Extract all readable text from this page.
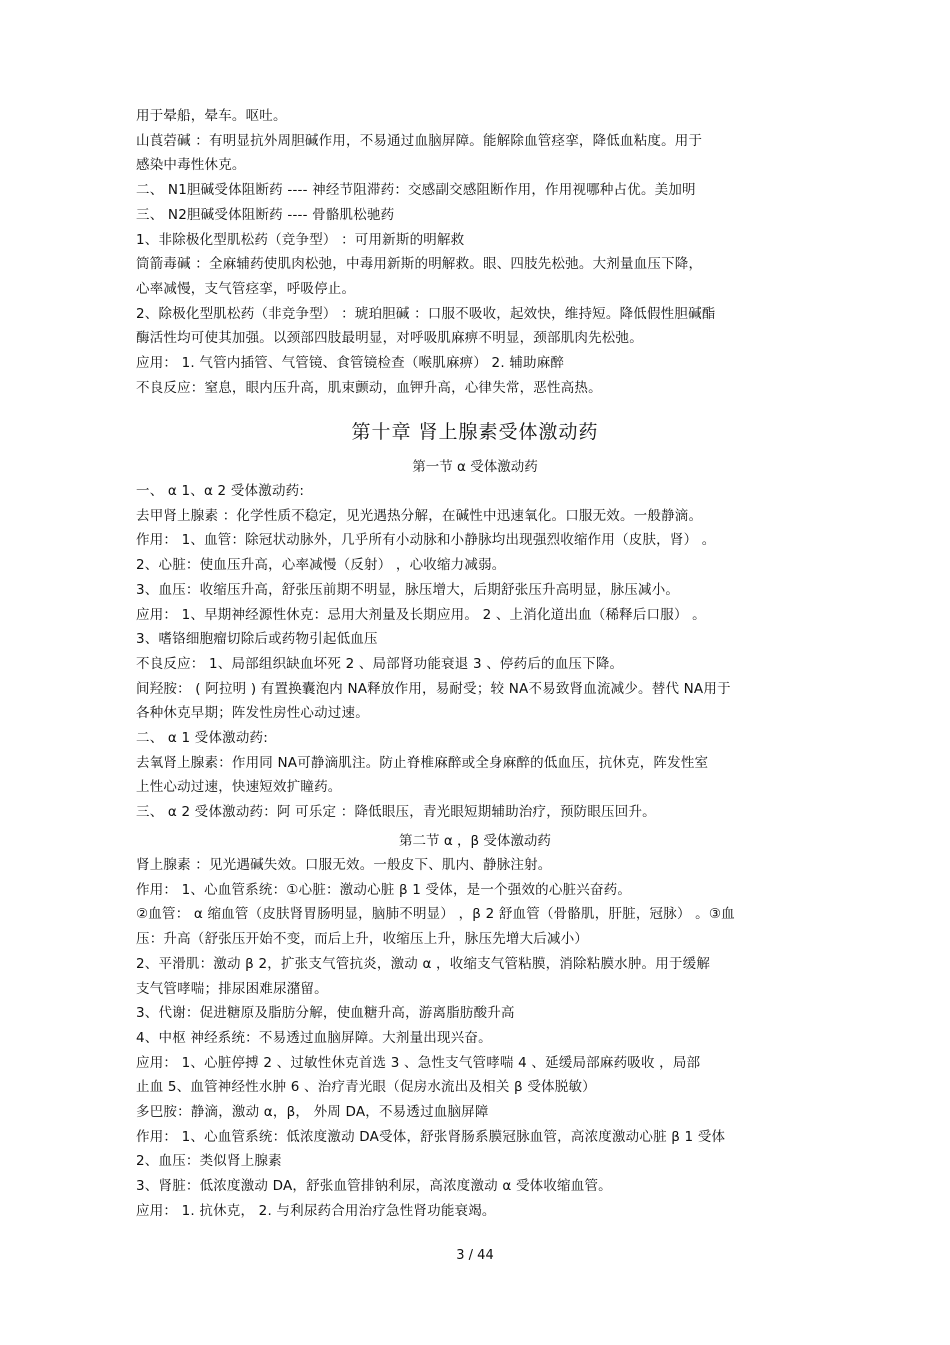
用于晕船，晕车。呕吐。
山莨菪碱 ：有明显抗外周胆碱作用，不易通过血脑屏障。能解除血管痉挛，降低血粘度。用于
感染中毒性休克。
二、 N1胆碱受体阻断药 ---- 神经节阻滞药：交感副交感阻断作用，作用视哪种占优。美加明
三、 N2胆碱受体阻断药 ---- 骨骼肌松驰药
1、非除极化型肌松药（竞争型） ：可用新斯的明解救
筒箭毒碱 ：全麻辅药使肌肉松弛，中毒用新斯的明解救。眼、四肢先松弛。大剂量血压下降，
心率减慢，支气管痉挛，呼吸停止。
2、除极化型肌松药（非竞争型） ：琥珀胆碱 ：口服不吸收，起效快，维持短。降低假性胆碱酯
酶活性均可使其加强。以颈部四肢最明显，对呼吸肌麻痹不明显，颈部肌肉先松弛。
应用： 1. 气管内插管、气管镜、食管镜检查（喉肌麻痹） 2. 辅助麻醉
不良反应：窒息，眼内压升高，肌束颤动，血钾升高，心律失常，恶性高热。
第十章 肾上腺素受体激动药
第一节 α 受体激动药
一、 α 1、α 2 受体激动药:
去甲肾上腺素 ：化学性质不稳定，见光遇热分解，在碱性中迅速氧化。口服无效。一般静滴。
作用： 1、血管：除冠状动脉外，几乎所有小动脉和小静脉均出现强烈收缩作用（皮肤，肾） 。
2、心脏：使血压升高，心率减慢（反射） ，心收缩力减弱。
3、血压：收缩压升高，舒张压前期不明显，脉压增大，后期舒张压升高明显，脉压减小。
应用： 1、早期神经源性休克：忌用大剂量及长期应用。 2 、上消化道出血（稀释后口服） 。
3、嗜铬细胞瘤切除后或药物引起低血压
不良反应： 1、局部组织缺血坏死 2 、局部肾功能衰退 3 、停药后的血压下降。
间羟胺： ( 阿拉明 ) 有置换囊泡内 NA释放作用，易耐受；较 NA不易致肾血流减少。替代 NA用于
各种休克早期；阵发性房性心动过速。
二、 α 1 受体激动药:
去氧肾上腺素：作用同 NA可静滴肌注。防止脊椎麻醉或全身麻醉的低血压，抗休克，阵发性室
上性心动过速，快速短效扩瞳药。
三、 α 2 受体激动药：阿 可乐定 ：降低眼压，青光眼短期辅助治疗，预防眼压回升。
第二节 α ，β 受体激动药
肾上腺素 ：见光遇碱失效。口服无效。一般皮下、肌内、静脉注射。
作用： 1、心血管系统：①心脏：激动心脏 β 1 受体，是一个强效的心脏兴奋药。
②血管： α 缩血管（皮肤肾胃肠明显，脑肺不明显） ，β 2 舒血管（骨骼肌，肝脏，冠脉） 。③血
压：升高（舒张压开始不变，而后上升，收缩压上升，脉压先增大后减小）
2、平滑肌：激动 β 2，扩张支气管抗炎，激动 α ，收缩支气管粘膜，消除粘膜水肿。用于缓解
支气管哮喘；排尿困难尿潴留。
3、代谢：促进糖原及脂肪分解，使血糖升高，游离脂肪酸升高
4、中枢 神经系统：不易透过血脑屏障。大剂量出现兴奋。
应用： 1、心脏停搏 2 、过敏性休克首选 3 、急性支气管哮喘 4 、延缓局部麻药吸收 ，局部
止血 5、血管神经性水肿 6 、治疗青光眼（促房水流出及相关 β 受体脱敏）
多巴胺：静滴，激动 α，β， 外周 DA，不易透过血脑屏障
作用： 1、心血管系统：低浓度激动 DA受体，舒张肾肠系膜冠脉血管，高浓度激动心脏 β 1 受体
2、血压：类似肾上腺素
3、肾脏：低浓度激动 DA，舒张血管排钠利尿，高浓度激动 α 受体收缩血管。
应用： 1. 抗休克， 2. 与利尿药合用治疗急性肾功能衰竭。
3 / 44
